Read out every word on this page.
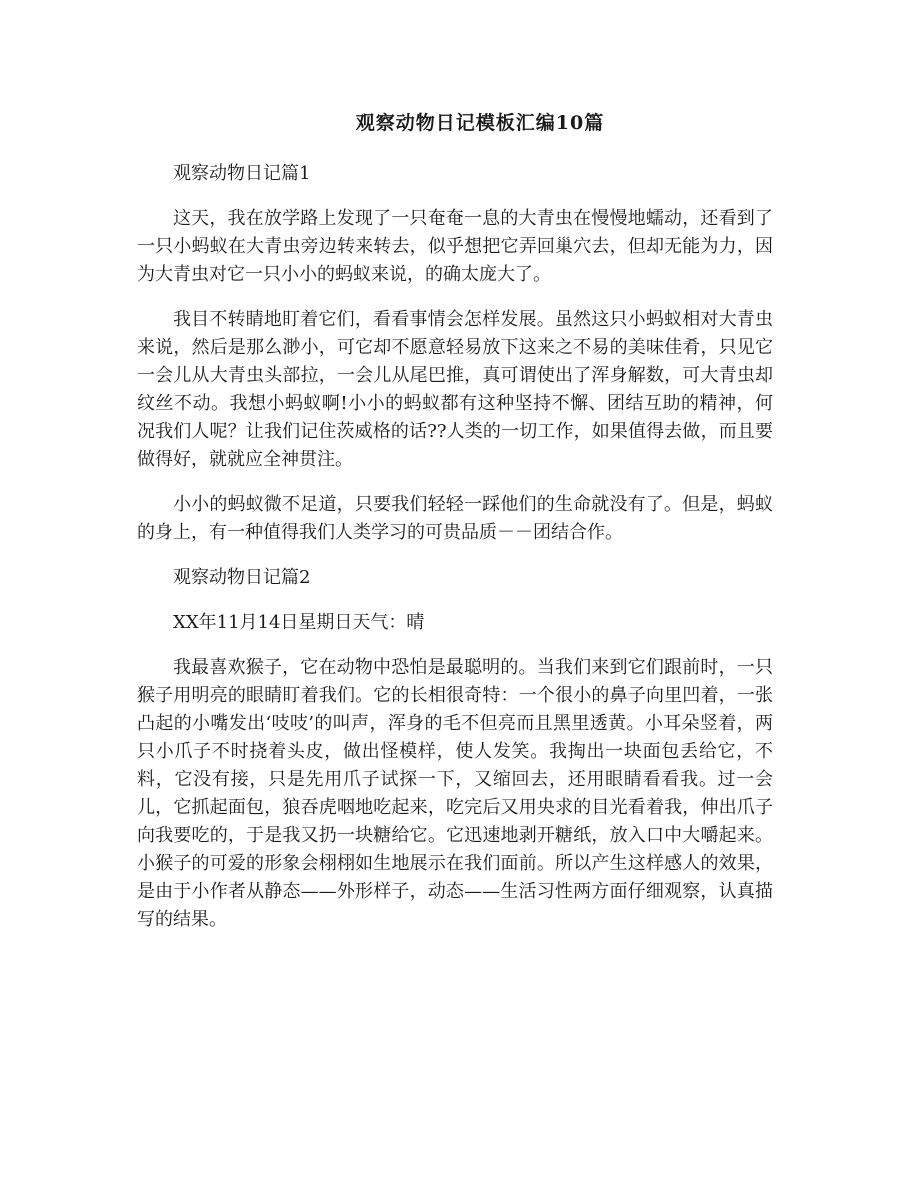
观察动物日记模板汇编10篇
观察动物日记篇1

这天，我在放学路上发现了一只奄奄一息的大青虫在慢慢地蠕动，还看到了一只小蚂蚁在大青虫旁边转来转去，似乎想把它弄回巢穴去，但却无能为力，因为大青虫对它一只小小的蚂蚁来说，的确太庞大了。

我目不转睛地盯着它们，看看事情会怎样发展。虽然这只小蚂蚁相对大青虫来说，然后是那么渺小，可它却不愿意轻易放下这来之不易的美味佳肴，只见它一会儿从大青虫头部拉，一会儿从尾巴推，真可谓使出了浑身解数，可大青虫却纹丝不动。我想小蚂蚁啊!小小的蚂蚁都有这种坚持不懈、团结互助的精神，何况我们人呢？让我们记住茨威格的话??人类的一切工作，如果值得去做，而且要做得好，就就应全神贯注。

小小的蚂蚁微不足道，只要我们轻轻一踩他们的生命就没有了。但是，蚂蚁的身上，有一种值得我们人类学习的可贵品质－－团结合作。

观察动物日记篇2
XX年11月14日星期日天气：晴

我最喜欢猴子，它在动物中恐怕是最聪明的。当我们来到它们跟前时，一只猴子用明亮的眼睛盯着我们。它的长相很奇特：一个很小的鼻子向里凹着，一张凸起的小嘴发出‘吱吱’的叫声，浑身的毛不但亮而且黑里透黄。小耳朵竖着，两只小爪子不时挠着头皮，做出怪模样，使人发笑。我掏出一块面包丢给它，不料，它没有接，只是先用爪子试探一下，又缩回去，还用眼睛看看我。过一会儿，它抓起面包，狼吞虎咽地吃起来，吃完后又用央求的目光看着我，伸出爪子向我要吃的，于是我又扔一块糖给它。它迅速地剥开糖纸，放入口中大嚼起来。小猴子的可爱的形象会栩栩如生地展示在我们面前。所以产生这样感人的效果，是由于小作者从静态——外形样子，动态——生活习性两方面仔细观察，认真描写的结果。
